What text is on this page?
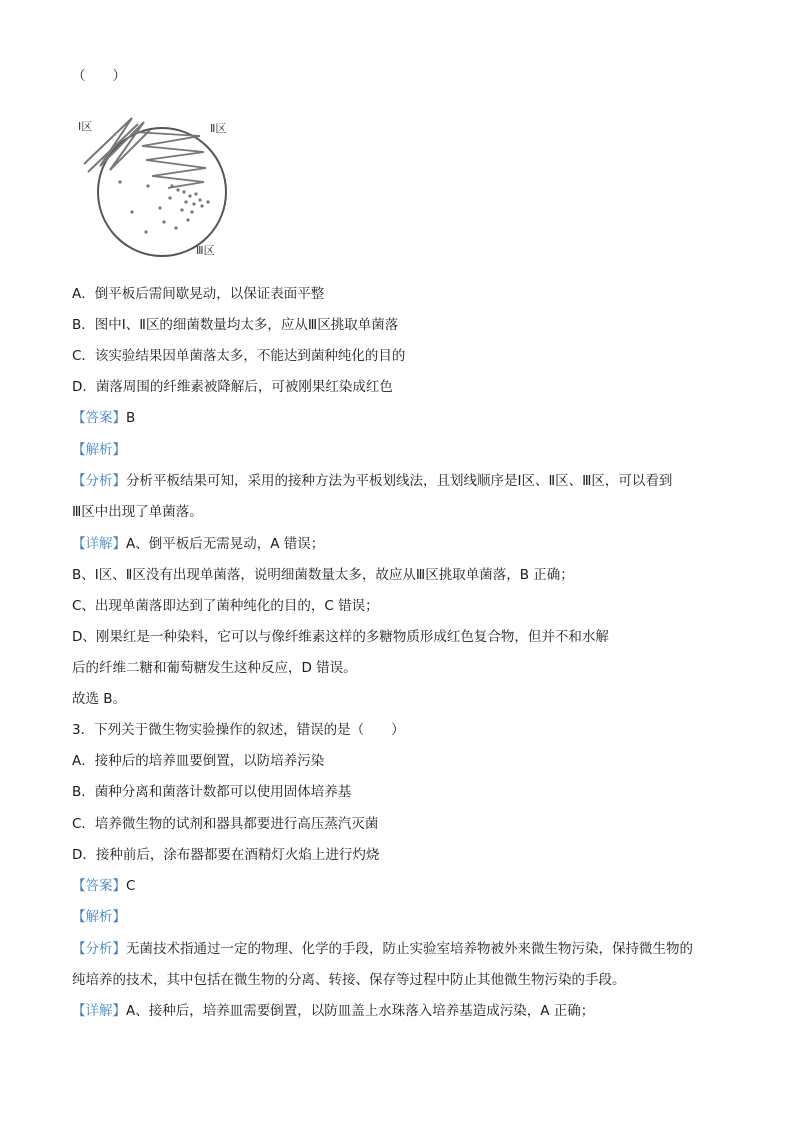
（　　）
Ⅰ区	Ⅱ区
Ⅲ区
A．倒平板后需间歇晃动，以保证表面平整
B．图中Ⅰ、Ⅱ区的细菌数量均太多，应从Ⅲ区挑取单菌落
C．该实验结果因单菌落太多，不能达到菌种纯化的目的
D．菌落周围的纤维素被降解后，可被刚果红染成红色
【答案】B
【解析】
【分析】分析平板结果可知，采用的接种方法为平板划线法，且划线顺序是Ⅰ区、Ⅱ区、Ⅲ区，可以看到
Ⅲ区中出现了单菌落。
【详解】A、倒平板后无需晃动，A 错误；
B、Ⅰ区、Ⅱ区没有出现单菌落，说明细菌数量太多，故应从Ⅲ区挑取单菌落，B 正确；
C、出现单菌落即达到了菌种纯化的目的，C 错误；
D、刚果红是一种染料，它可以与像纤维素这样的多糖物质形成红色复合物，但并不和水解
后的纤维二糖和葡萄糖发生这种反应，D 错误。
故选 B。
3．下列关于微生物实验操作的叙述，错误的是（　　）
A．接种后的培养皿要倒置，以防培养污染
B．菌种分离和菌落计数都可以使用固体培养基
C．培养微生物的试剂和器具都要进行高压蒸汽灭菌
D．接种前后，涂布器都要在酒精灯火焰上进行灼烧
【答案】C
【解析】
【分析】无菌技术指通过一定的物理、化学的手段，防止实验室培养物被外来微生物污染，保持微生物的
纯培养的技术，其中包括在微生物的分离、转接、保存等过程中防止其他微生物污染的手段。
【详解】A、接种后，培养皿需要倒置，以防皿盖上水珠落入培养基造成污染，A 正确；
